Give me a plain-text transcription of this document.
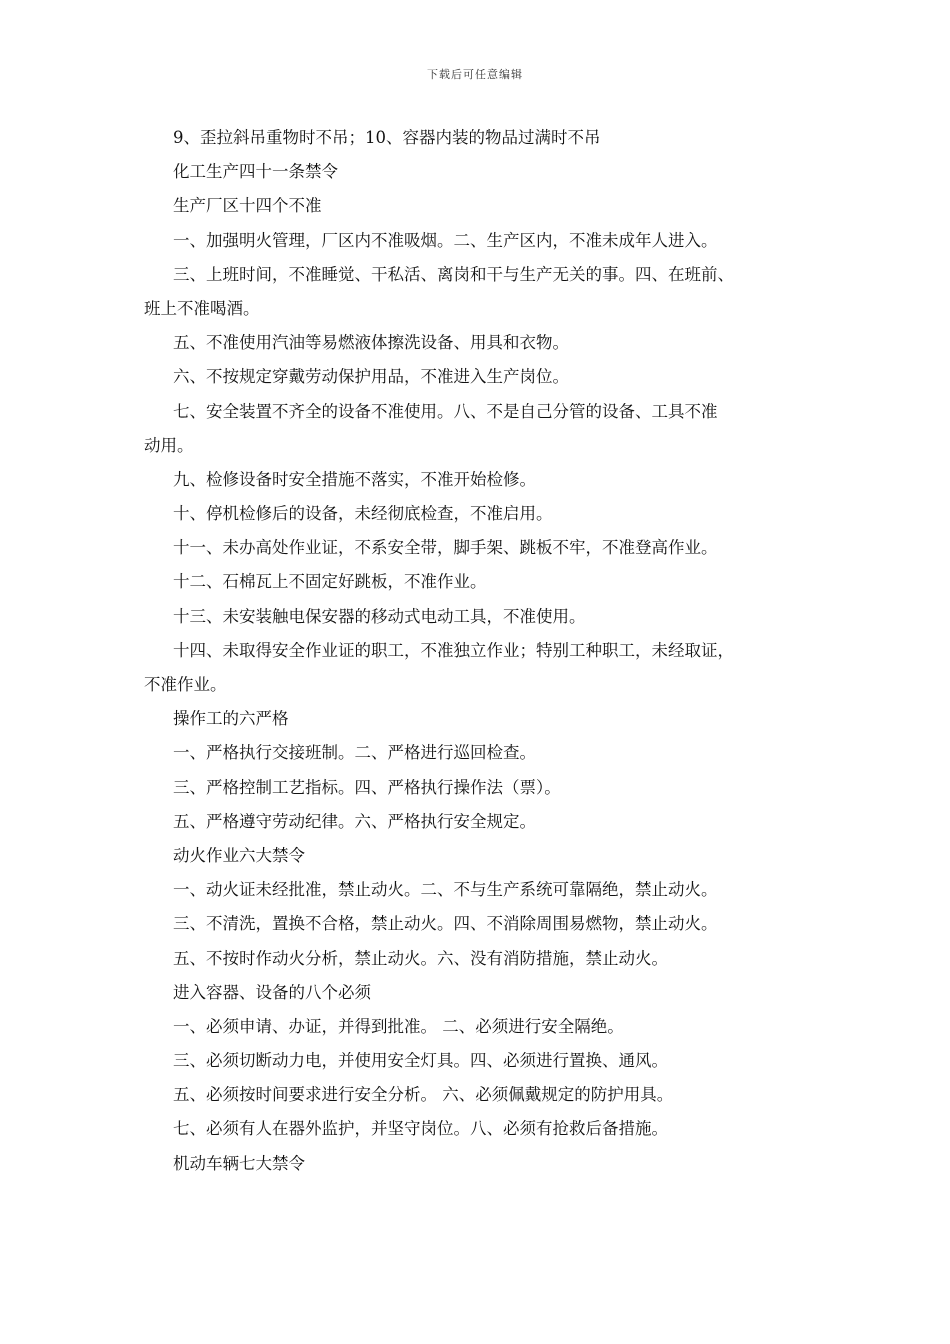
下载后可任意编辑
9、歪拉斜吊重物时不吊；10、容器内装的物品过满时不吊
化工生产四十一条禁令
生产厂区十四个不准
一、加强明火管理，厂区内不准吸烟。二、生产区内，不准未成年人进入。
三、上班时间，不准睡觉、干私活、离岗和干与生产无关的事。四、在班前、
班上不准喝酒。
五、不准使用汽油等易燃液体擦洗设备、用具和衣物。
六、不按规定穿戴劳动保护用品，不准进入生产岗位。
七、安全装置不齐全的设备不准使用。八、不是自己分管的设备、工具不准
动用。
九、检修设备时安全措施不落实，不准开始检修。
十、停机检修后的设备，未经彻底检查，不准启用。
十一、未办高处作业证，不系安全带，脚手架、跳板不牢，不准登高作业。
十二、石棉瓦上不固定好跳板，不准作业。
十三、未安装触电保安器的移动式电动工具，不准使用。
十四、未取得安全作业证的职工，不准独立作业；特别工种职工，未经取证，
不准作业。
操作工的六严格
一、严格执行交接班制。二、严格进行巡回检查。
三、严格控制工艺指标。四、严格执行操作法（票）。
五、严格遵守劳动纪律。六、严格执行安全规定。
动火作业六大禁令
一、动火证未经批准，禁止动火。二、不与生产系统可靠隔绝，禁止动火。
三、不清洗，置换不合格，禁止动火。四、不消除周围易燃物，禁止动火。
五、不按时作动火分析，禁止动火。六、没有消防措施，禁止动火。
进入容器、设备的八个必须
一、必须申请、办证，并得到批准。 二、必须进行安全隔绝。
三、必须切断动力电，并使用安全灯具。四、必须进行置换、通风。
五、必须按时间要求进行安全分析。 六、必须佩戴规定的防护用具。
七、必须有人在器外监护，并坚守岗位。八、必须有抢救后备措施。
机动车辆七大禁令
